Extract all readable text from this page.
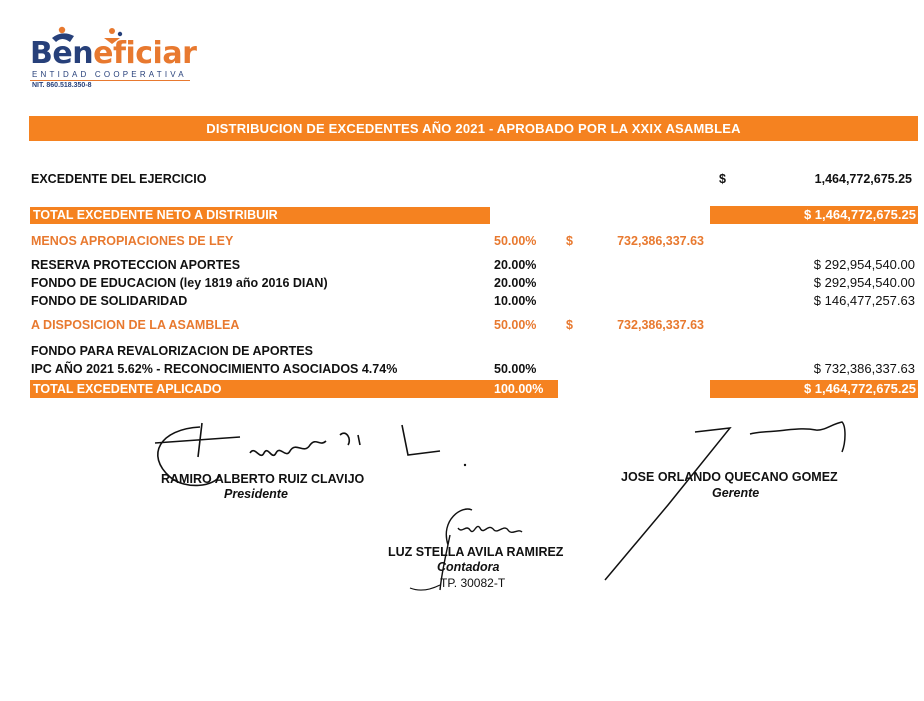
Beneficiar
ENTIDAD COOPERATIVA
NIT. 860.518.350-8
DISTRIBUCION DE EXCEDENTES AÑO 2021 - APROBADO POR LA XXIX ASAMBLEA
EXCEDENTE DEL EJERCICIO	$	1,464,772,675.25
TOTAL EXCEDENTE NETO A DISTRIBUIR	$ 1,464,772,675.25
MENOS APROPIACIONES DE LEY	50.00% $	732,386,337.63
RESERVA PROTECCION APORTES	20.00%	$ 292,954,540.00
FONDO DE EDUCACION (ley 1819 año 2016 DIAN)	20.00%	$ 292,954,540.00
FONDO DE SOLIDARIDAD	10.00%	$ 146,477,257.63
A DISPOSICION DE LA ASAMBLEA	50.00% $	732,386,337.63
FONDO PARA REVALORIZACION DE APORTES
IPC AÑO 2021 5.62% - RECONOCIMIENTO ASOCIADOS 4.74%	50.00%	$ 732,386,337.63
TOTAL EXCEDENTE APLICADO	100.00%	$ 1,464,772,675.25
RAMIRO ALBERTO RUIZ CLAVIJO
Presidente
JOSE ORLANDO QUECANO GOMEZ
Gerente
LUZ STELLA AVILA RAMIREZ
Contadora
TP. 30082-T
